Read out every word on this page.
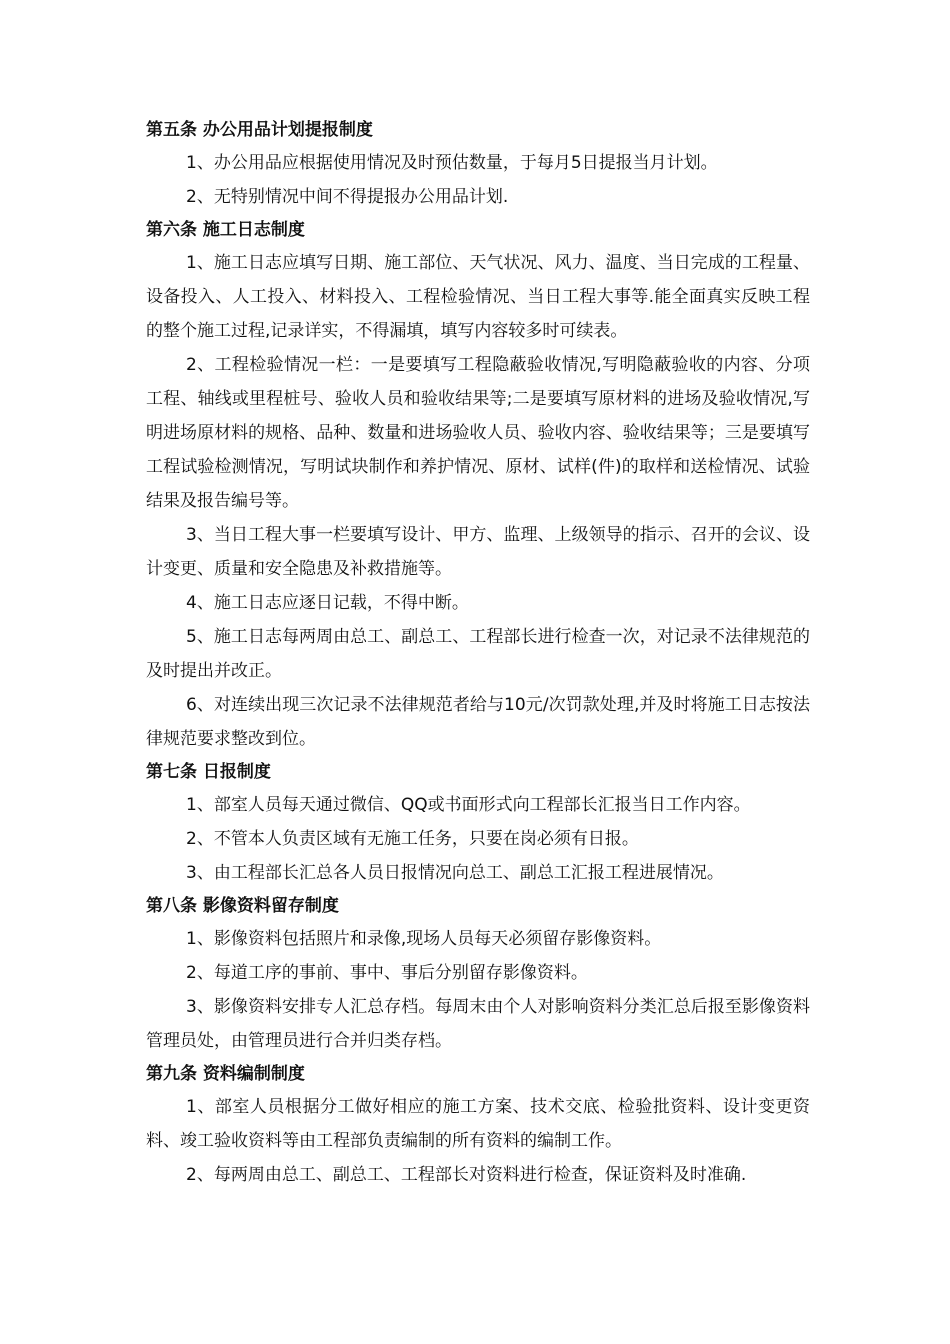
第五条 办公用品计划提报制度

1、办公用品应根据使用情况及时预估数量，于每月5日提报当月计划。

2、无特别情况中间不得提报办公用品计划.

第六条 施工日志制度

1、施工日志应填写日期、施工部位、天气状况、风力、温度、当日完成的工程量、设备投入、人工投入、材料投入、工程检验情况、当日工程大事等.能全面真实反映工程的整个施工过程,记录详实，不得漏填，填写内容较多时可续表。

2、工程检验情况一栏：一是要填写工程隐蔽验收情况,写明隐蔽验收的内容、分项工程、轴线或里程桩号、验收人员和验收结果等;二是要填写原材料的进场及验收情况,写明进场原材料的规格、品种、数量和进场验收人员、验收内容、验收结果等；三是要填写工程试验检测情况，写明试块制作和养护情况、原材、试样(件)的取样和送检情况、试验结果及报告编号等。

3、当日工程大事一栏要填写设计、甲方、监理、上级领导的指示、召开的会议、设计变更、质量和安全隐患及补救措施等。

4、施工日志应逐日记载，不得中断。

5、施工日志每两周由总工、副总工、工程部长进行检查一次，对记录不法律规范的及时提出并改正。

6、对连续出现三次记录不法律规范者给与10元/次罚款处理,并及时将施工日志按法律规范要求整改到位。

第七条 日报制度

1、部室人员每天通过微信、QQ或书面形式向工程部长汇报当日工作内容。

2、不管本人负责区域有无施工任务，只要在岗必须有日报。

3、由工程部长汇总各人员日报情况向总工、副总工汇报工程进展情况。

第八条 影像资料留存制度

1、影像资料包括照片和录像,现场人员每天必须留存影像资料。

2、每道工序的事前、事中、事后分别留存影像资料。

3、影像资料安排专人汇总存档。每周末由个人对影响资料分类汇总后报至影像资料管理员处，由管理员进行合并归类存档。

第九条 资料编制制度

1、部室人员根据分工做好相应的施工方案、技术交底、检验批资料、设计变更资料、竣工验收资料等由工程部负责编制的所有资料的编制工作。

2、每两周由总工、副总工、工程部长对资料进行检查，保证资料及时准确.
